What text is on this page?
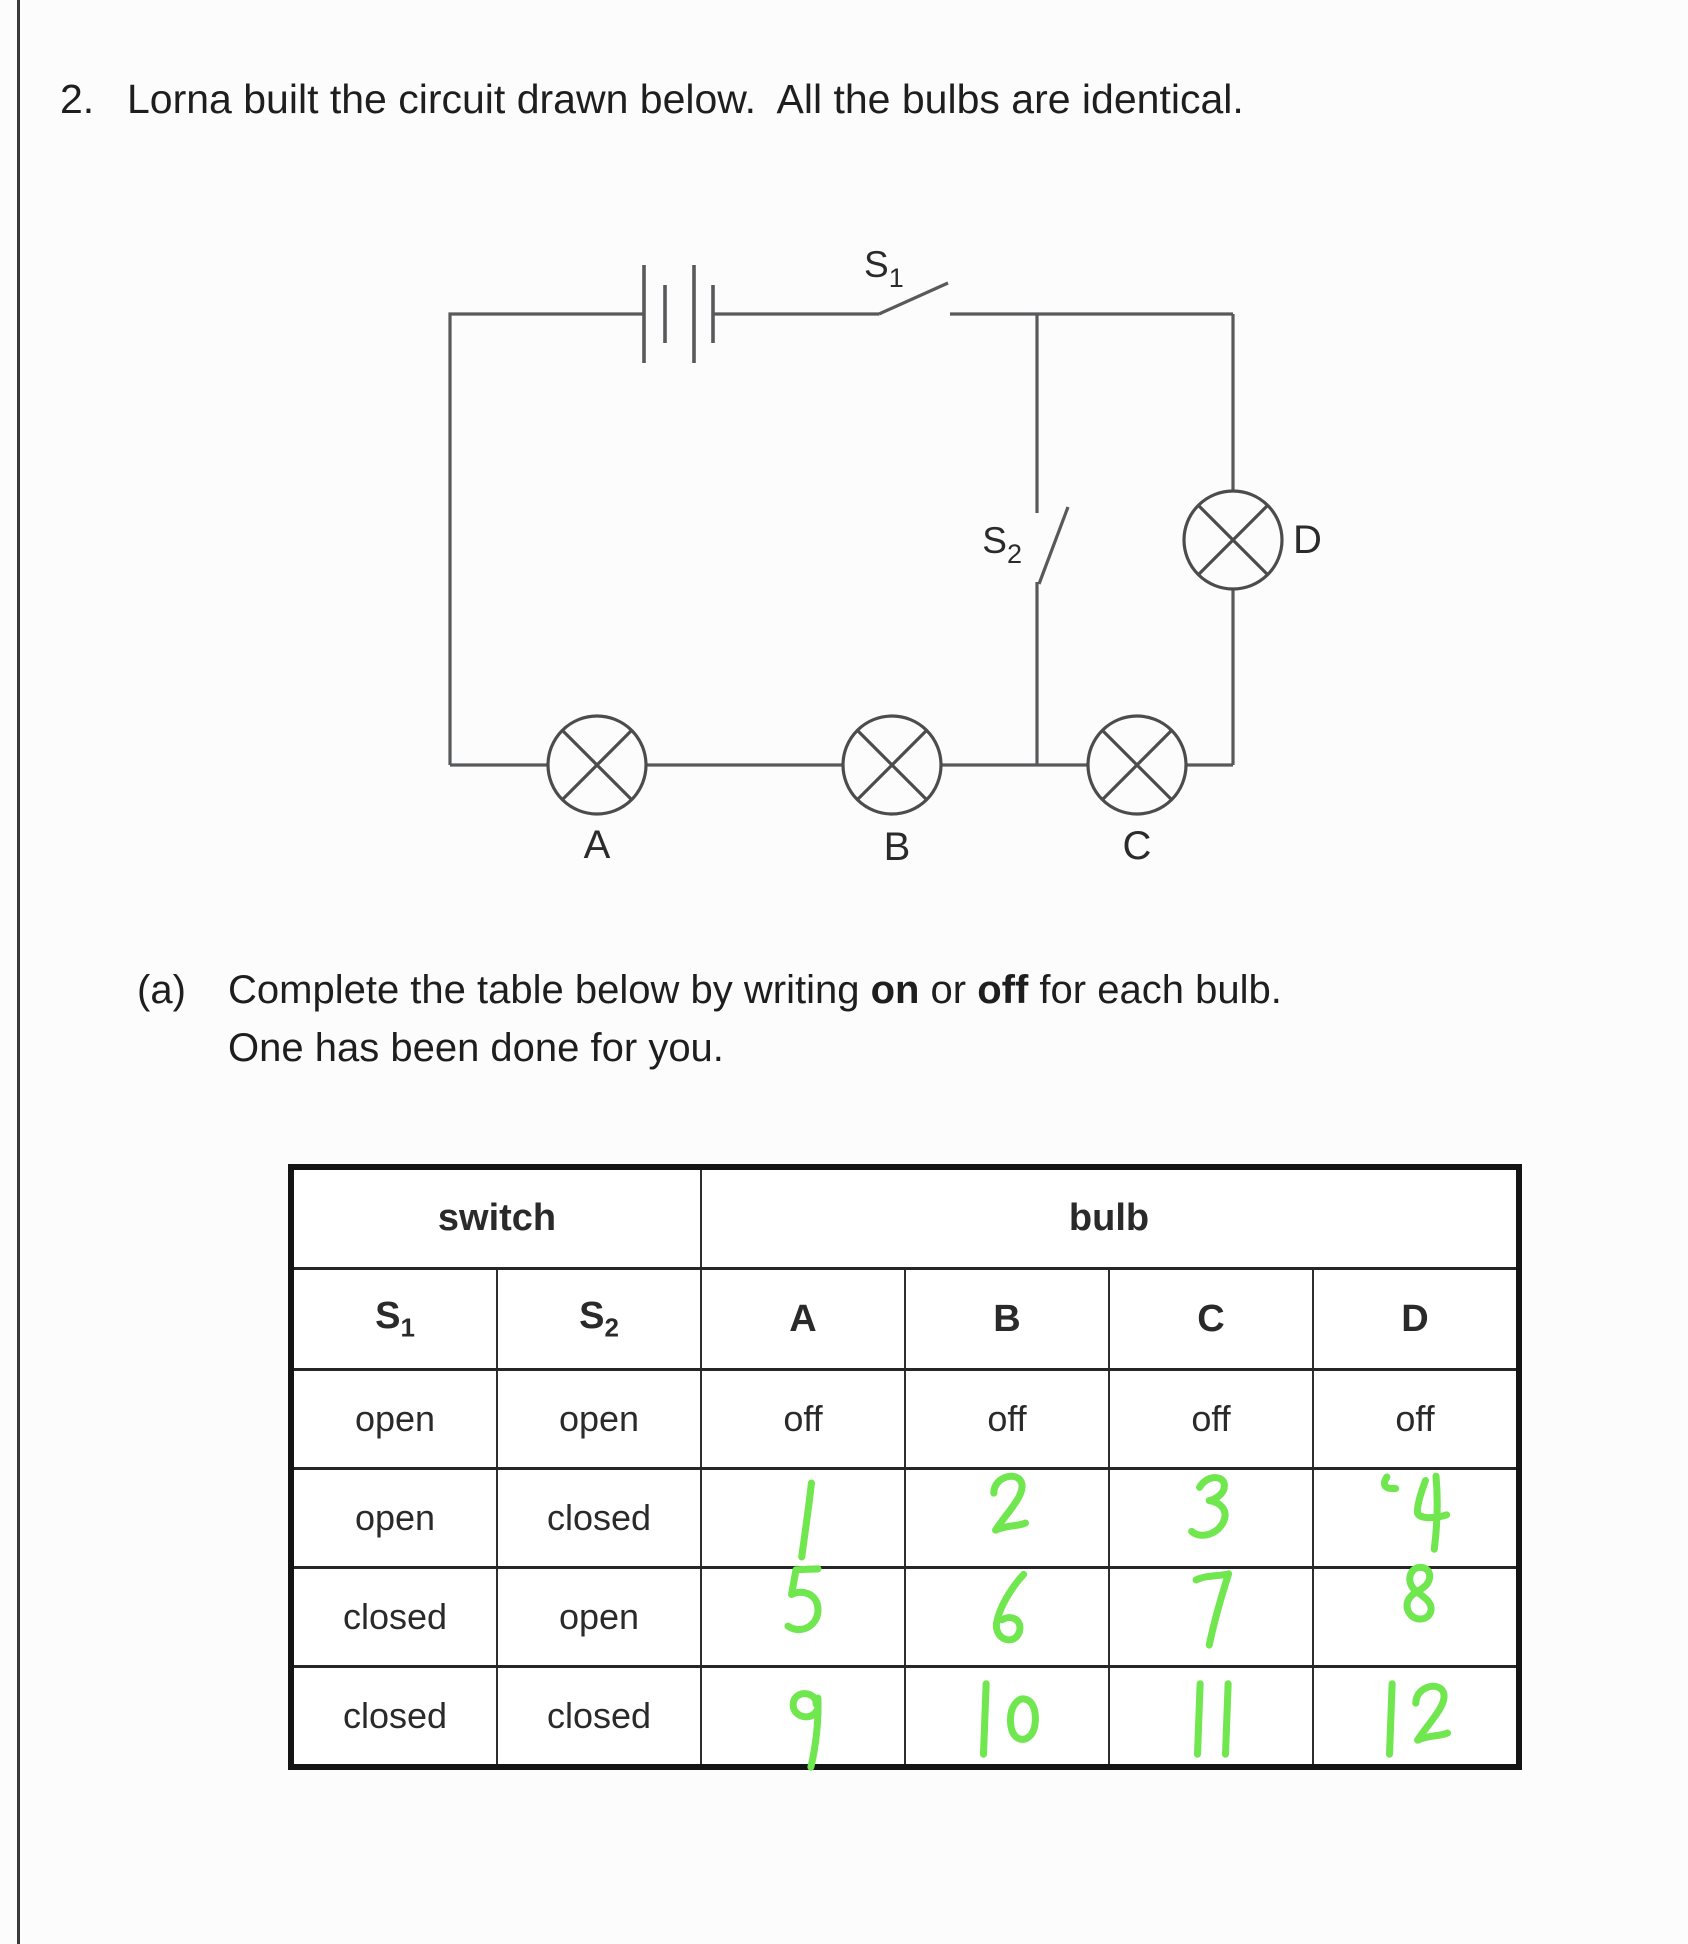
2. Lorna built the circuit drawn below.  All the bulbs are identical.
$S_1$
$S_2$
A	B	C
D
(a)	Complete the table below by writing on or off for each bulb.
One has been done for you.
switch		bulb			
$S_1$	$S_2$	A	B	C	D
open	open	off	off	off	off
open	closed	

closed	open	

closed	closed	
